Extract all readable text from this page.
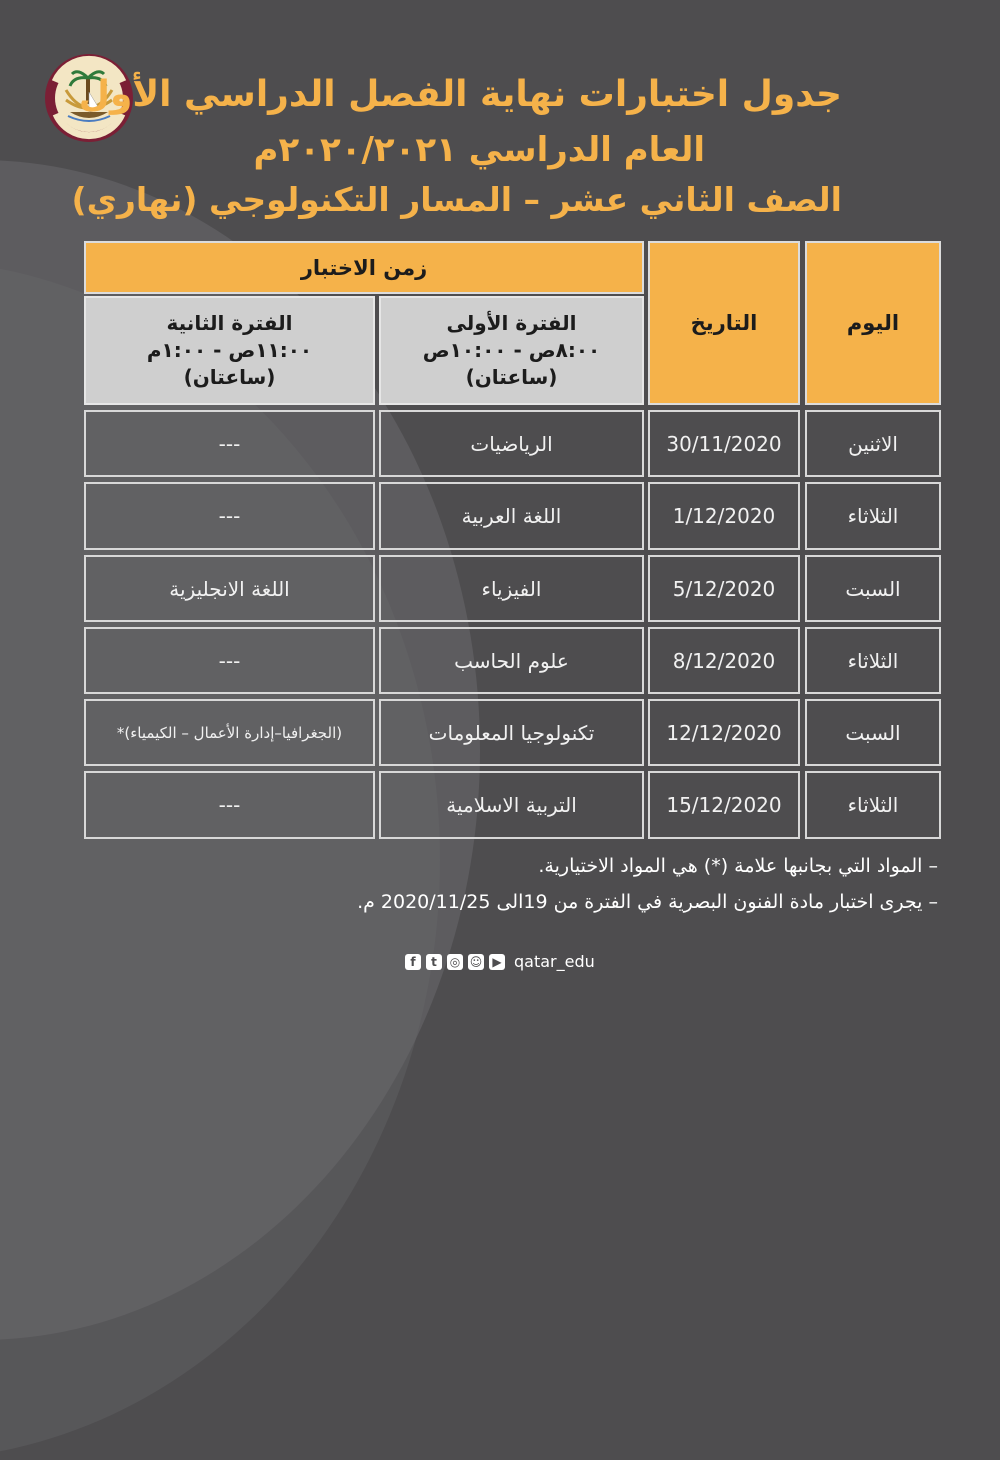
جدول اختبارات نهاية الفصل الدراسي الأول
العام الدراسي ٢٠٢٠/٢٠٢١م
الصف الثاني عشر – المسار التكنولوجي (نهاري)
اليوم
التاريخ
زمن الاختبار
الفترة الأولى
٨:٠٠ص - ١٠:٠٠ص
(ساعتان)
الفترة الثانية
١١:٠٠ص - ١:٠٠م
(ساعتان)
الاثنين
30/11/2020
الرياضيات
---
الثلاثاء
1/12/2020
اللغة العربية
---
السبت
5/12/2020
الفيزياء
اللغة الانجليزية
الثلاثاء
8/12/2020
علوم الحاسب
---
السبت
12/12/2020
تكنولوجيا المعلومات
(الجغرافيا–إدارة الأعمال – الكيمياء)*
الثلاثاء
15/12/2020
التربية الاسلامية
---
– المواد التي بجانبها علامة (*) هي المواد الاختيارية.
– يجرى اختبار مادة الفنون البصرية في الفترة من 19الى 2020/11/25 م.
f	t	◎ ☺ ▶ qatar_edu
